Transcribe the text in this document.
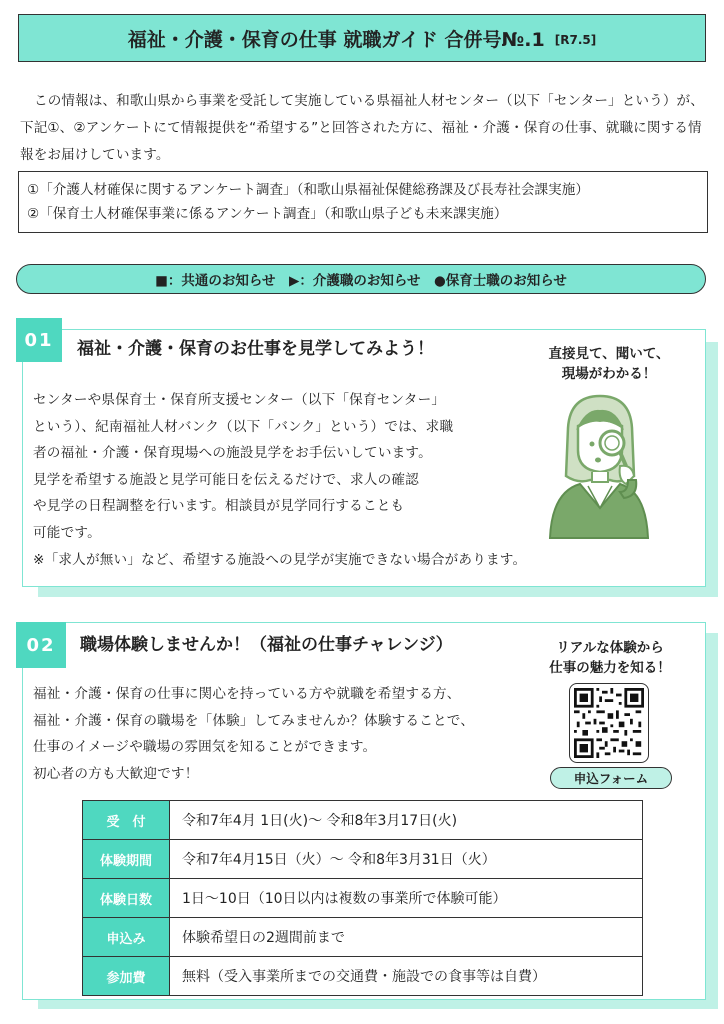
福祉・介護・保育の仕事 就職ガイド 合併号№.1 [R7.5]
この情報は、和歌山県から事業を受託して実施している県福祉人材センター（以下「センター」という）が、下記①、②アンケートにて情報提供を“希望する”と回答された方に、福祉・介護・保育の仕事、就職に関する情報をお届けしています。
①「介護人材確保に関するアンケート調査」（和歌山県福祉保健総務課及び長寿社会課実施）
②「保育士人材確保事業に係るアンケート調査」（和歌山県子ども未来課実施）
■：共通のお知らせ　▶：介護職のお知らせ　●保育士職のお知らせ
01	福祉・介護・保育のお仕事を見学してみよう！	直接見て、聞いて、
現場がわかる！
センターや県保育士・保育所支援センター（以下「保育センター」
という）、紀南福祉人材バンク（以下「バンク」という）では、求職
者の福祉・介護・保育現場への施設見学をお手伝いしています。
見学を希望する施設と見学可能日を伝えるだけで、求人の確認
や見学の日程調整を行います。相談員が見学同行することも
可能です。
※「求人が無い」など、希望する施設への見学が実施できない場合があります。
02	職場体験しませんか！（福祉の仕事チャレンジ）	リアルな体験から
仕事の魅力を知る！
申込フォーム
福祉・介護・保育の仕事に関心を持っている方や就職を希望する方、
福祉・介護・保育の職場を「体験」してみませんか？体験することで、
仕事のイメージや職場の雰囲気を知ることができます。
初心者の方も大歓迎です！
受　付	令和7年4月 1日(火)～ 令和8年3月17日(火)
体験期間	令和7年4月15日（火）～ 令和8年3月31日（火）
体験日数	1日～10日（10日以内は複数の事業所で体験可能）
申込み	体験希望日の2週間前まで
参加費	無料（受入事業所までの交通費・施設での食事等は自費）
